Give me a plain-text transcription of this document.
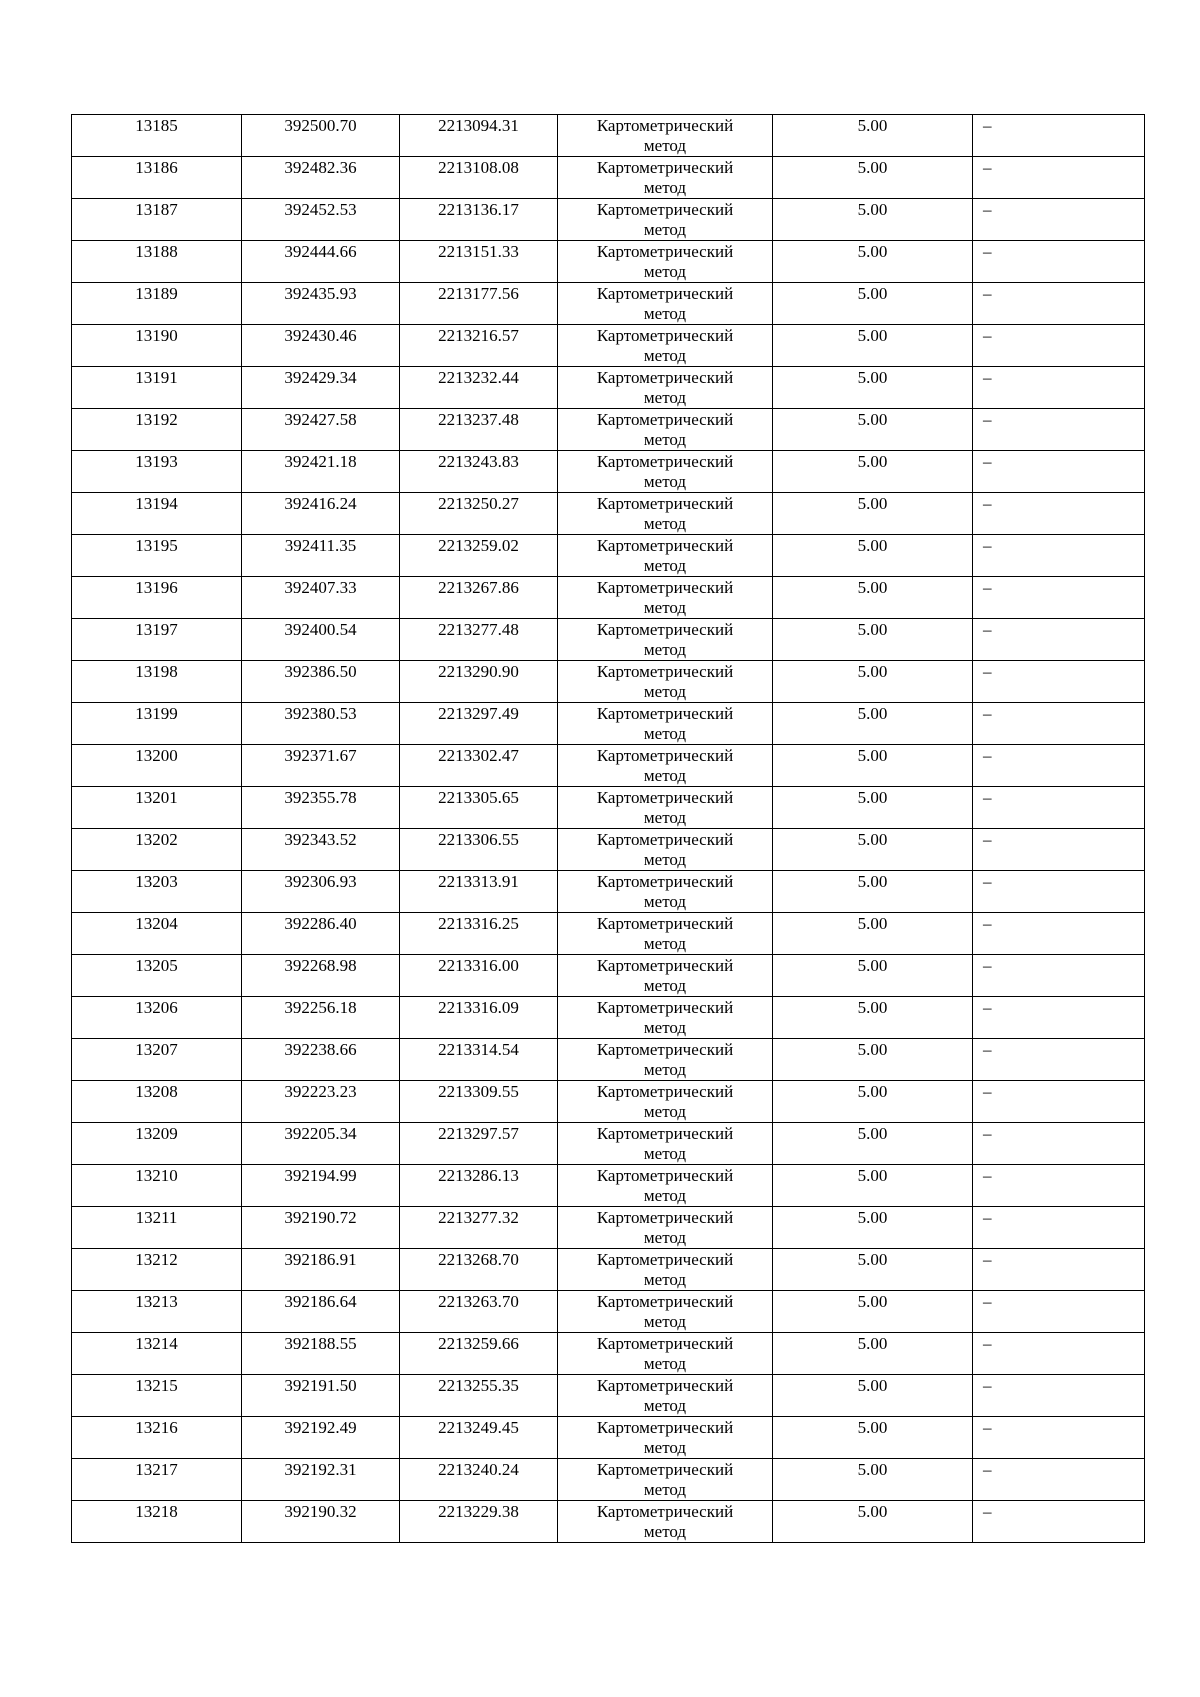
13185	392500.70	2213094.31	Картометрический
метод	5.00	–

13186	392482.36	2213108.08	Картометрический
метод	5.00	–

13187	392452.53	2213136.17	Картометрический
метод	5.00	–

13188	392444.66	2213151.33	Картометрический
метод	5.00	–

13189	392435.93	2213177.56	Картометрический
метод	5.00	–

13190	392430.46	2213216.57	Картометрический
метод	5.00	–

13191	392429.34	2213232.44	Картометрический
метод	5.00	–

13192	392427.58	2213237.48	Картометрический
метод	5.00	–

13193	392421.18	2213243.83	Картометрический
метод	5.00	–

13194	392416.24	2213250.27	Картометрический
метод	5.00	–

13195	392411.35	2213259.02	Картометрический
метод	5.00	–

13196	392407.33	2213267.86	Картометрический
метод	5.00	–

13197	392400.54	2213277.48	Картометрический
метод	5.00	–

13198	392386.50	2213290.90	Картометрический
метод	5.00	–

13199	392380.53	2213297.49	Картометрический
метод	5.00	–

13200	392371.67	2213302.47	Картометрический
метод	5.00	–

13201	392355.78	2213305.65	Картометрический
метод	5.00	–

13202	392343.52	2213306.55	Картометрический
метод	5.00	–

13203	392306.93	2213313.91	Картометрический
метод	5.00	–

13204	392286.40	2213316.25	Картометрический
метод	5.00	–

13205	392268.98	2213316.00	Картометрический
метод	5.00	–

13206	392256.18	2213316.09	Картометрический
метод	5.00	–

13207	392238.66	2213314.54	Картометрический
метод	5.00	–

13208	392223.23	2213309.55	Картометрический
метод	5.00	–

13209	392205.34	2213297.57	Картометрический
метод	5.00	–

13210	392194.99	2213286.13	Картометрический
метод	5.00	–

13211	392190.72	2213277.32	Картометрический
метод	5.00	–

13212	392186.91	2213268.70	Картометрический
метод	5.00	–

13213	392186.64	2213263.70	Картометрический
метод	5.00	–

13214	392188.55	2213259.66	Картометрический
метод	5.00	–

13215	392191.50	2213255.35	Картометрический
метод	5.00	–

13216	392192.49	2213249.45	Картометрический
метод	5.00	–

13217	392192.31	2213240.24	Картометрический
метод	5.00	–

13218	392190.32	2213229.38	Картометрический
метод	5.00	–
